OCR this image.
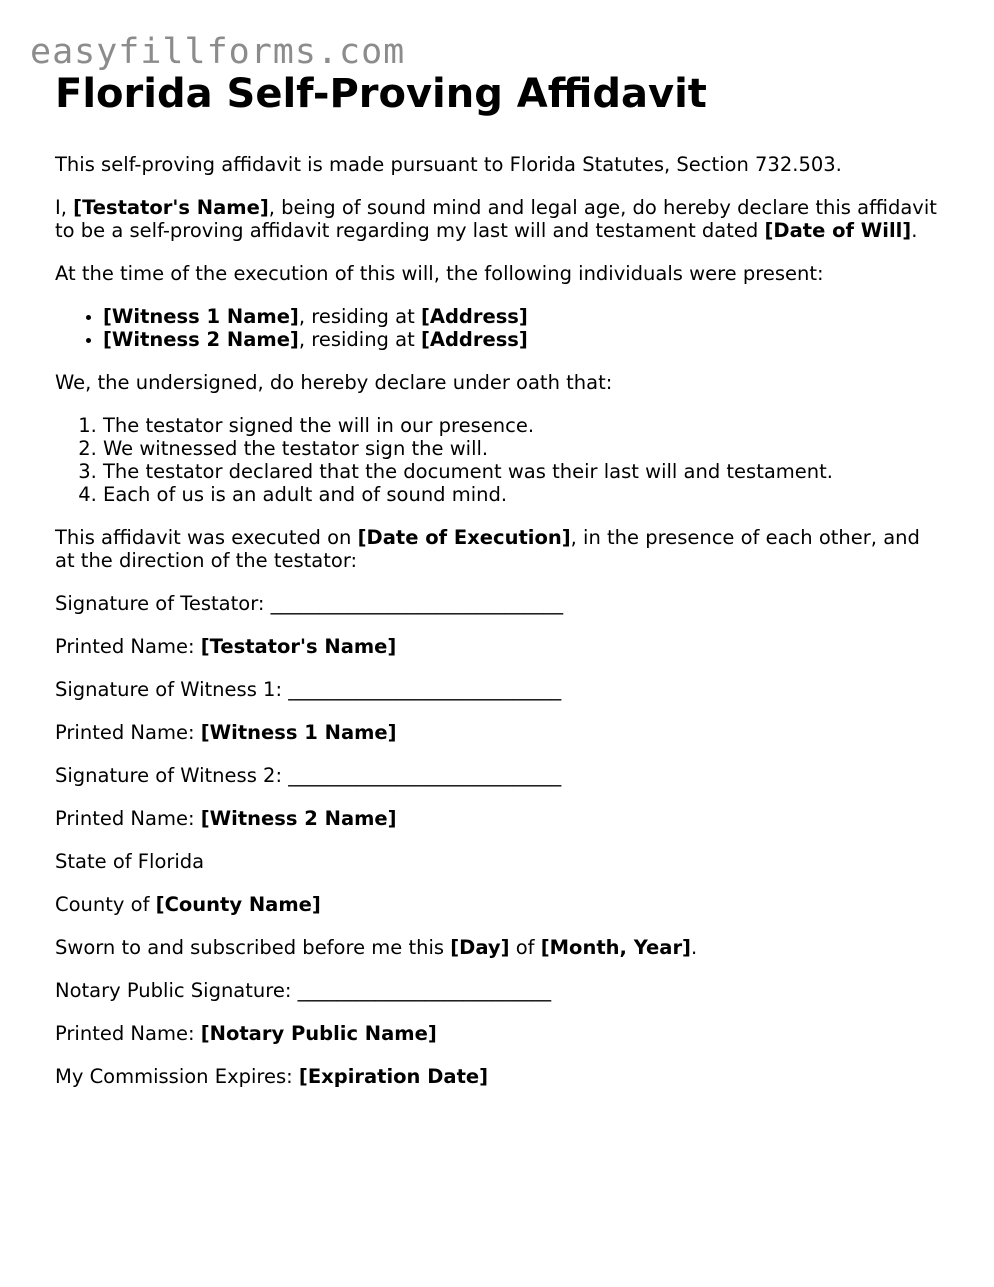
easyfillforms.com
Florida Self-Proving Affidavit

This self-proving affidavit is made pursuant to Florida Statutes, Section 732.503.

I, [Testator's Name], being of sound mind and legal age, do hereby declare this affidavit to be a self-proving affidavit regarding my last will and testament dated [Date of Will].

At the time of the execution of this will, the following individuals were present:

• [Witness 1 Name], residing at [Address]
• [Witness 2 Name], residing at [Address]

We, the undersigned, do hereby declare under oath that:

1. The testator signed the will in our presence.
2. We witnessed the testator sign the will.
3. The testator declared that the document was their last will and testament.
4. Each of us is an adult and of sound mind.

This affidavit was executed on [Date of Execution], in the presence of each other, and at the direction of the testator:

Signature of Testator: ______________________________

Printed Name: [Testator's Name]

Signature of Witness 1: ____________________________

Printed Name: [Witness 1 Name]

Signature of Witness 2: ____________________________

Printed Name: [Witness 2 Name]

State of Florida

County of [County Name]

Sworn to and subscribed before me this [Day] of [Month, Year].

Notary Public Signature: __________________________

Printed Name: [Notary Public Name]

My Commission Expires: [Expiration Date]
